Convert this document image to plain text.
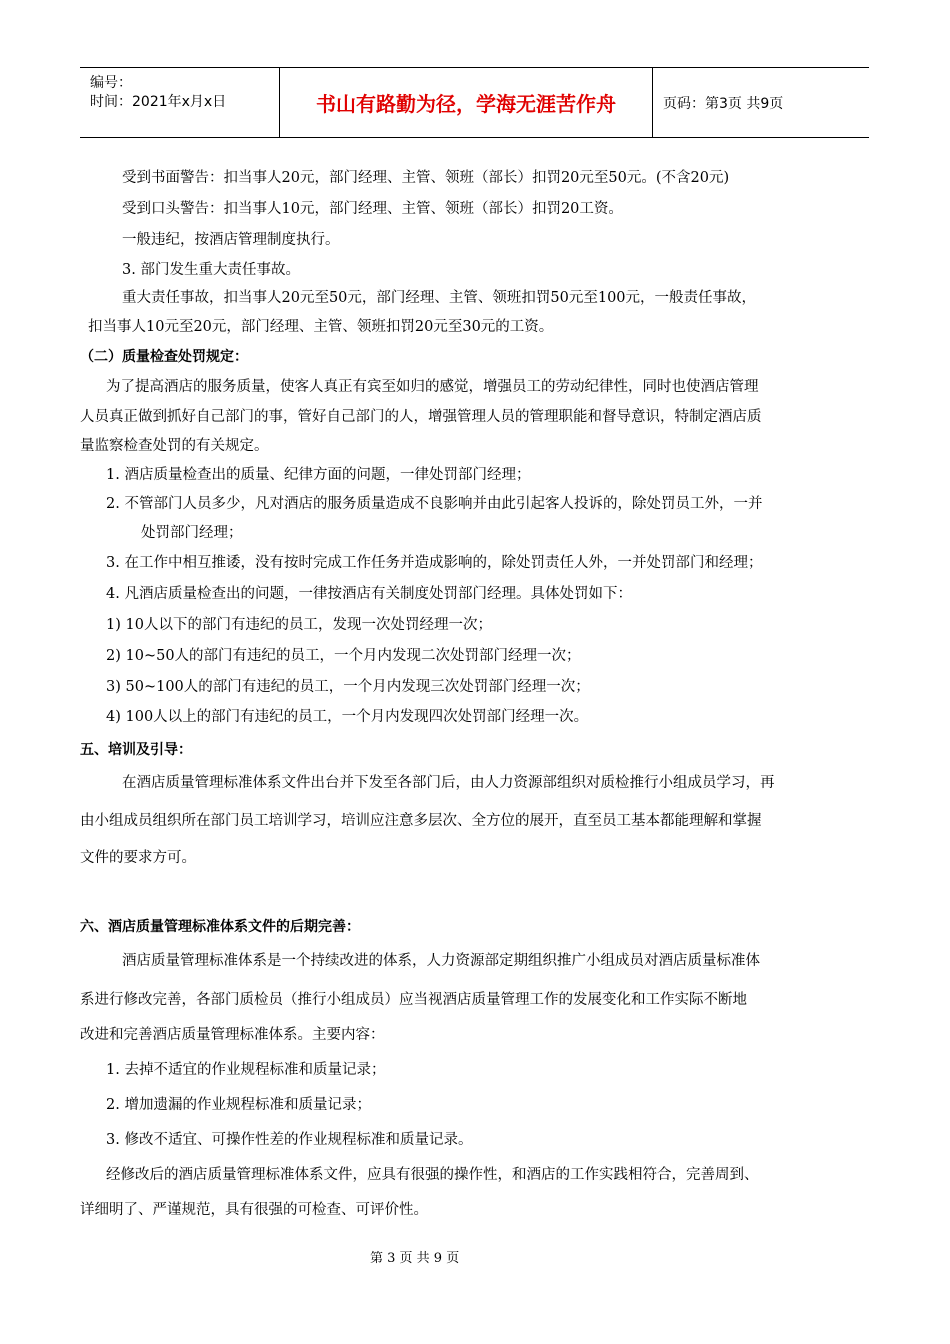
编号：
时间：2021年x月x日	书山有路勤为径，学海无涯苦作舟	页码：第3页 共9页
受到书面警告：扣当事人20元，部门经理、主管、领班（部长）扣罚20元至50元。(不含20元)
受到口头警告：扣当事人10元，部门经理、主管、领班（部长）扣罚20工资。
一般违纪，按酒店管理制度执行。
3. 部门发生重大责任事故。
重大责任事故，扣当事人20元至50元，部门经理、主管、领班扣罚50元至100元，一般责任事故，
扣当事人10元至20元，部门经理、主管、领班扣罚20元至30元的工资。
（二）质量检查处罚规定：
为了提高酒店的服务质量，使客人真正有宾至如归的感觉，增强员工的劳动纪律性，同时也使酒店管理
人员真正做到抓好自己部门的事，管好自己部门的人，增强管理人员的管理职能和督导意识，特制定酒店质
量监察检查处罚的有关规定。
1. 酒店质量检查出的质量、纪律方面的问题，一律处罚部门经理；
2. 不管部门人员多少，凡对酒店的服务质量造成不良影响并由此引起客人投诉的，除处罚员工外，一并
处罚部门经理；
3. 在工作中相互推诿，没有按时完成工作任务并造成影响的，除处罚责任人外，一并处罚部门和经理；
4. 凡酒店质量检查出的问题，一律按酒店有关制度处罚部门经理。具体处罚如下：
1) 10人以下的部门有违纪的员工，发现一次处罚经理一次；
2) 10~50人的部门有违纪的员工，一个月内发现二次处罚部门经理一次；
3) 50~100人的部门有违纪的员工，一个月内发现三次处罚部门经理一次；
4) 100人以上的部门有违纪的员工，一个月内发现四次处罚部门经理一次。
五、培训及引导：
在酒店质量管理标准体系文件出台并下发至各部门后，由人力资源部组织对质检推行小组成员学习，再
由小组成员组织所在部门员工培训学习，培训应注意多层次、全方位的展开，直至员工基本都能理解和掌握
文件的要求方可。
六、酒店质量管理标准体系文件的后期完善：
酒店质量管理标准体系是一个持续改进的体系，人力资源部定期组织推广小组成员对酒店质量标准体
系进行修改完善，各部门质检员（推行小组成员）应当视酒店质量管理工作的发展变化和工作实际不断地
改进和完善酒店质量管理标准体系。主要内容：
1. 去掉不适宜的作业规程标准和质量记录；
2. 增加遗漏的作业规程标准和质量记录；
3. 修改不适宜、可操作性差的作业规程标准和质量记录。
经修改后的酒店质量管理标准体系文件，应具有很强的操作性，和酒店的工作实践相符合，完善周到、
详细明了、严谨规范，具有很强的可检查、可评价性。
第 3 页 共 9 页
